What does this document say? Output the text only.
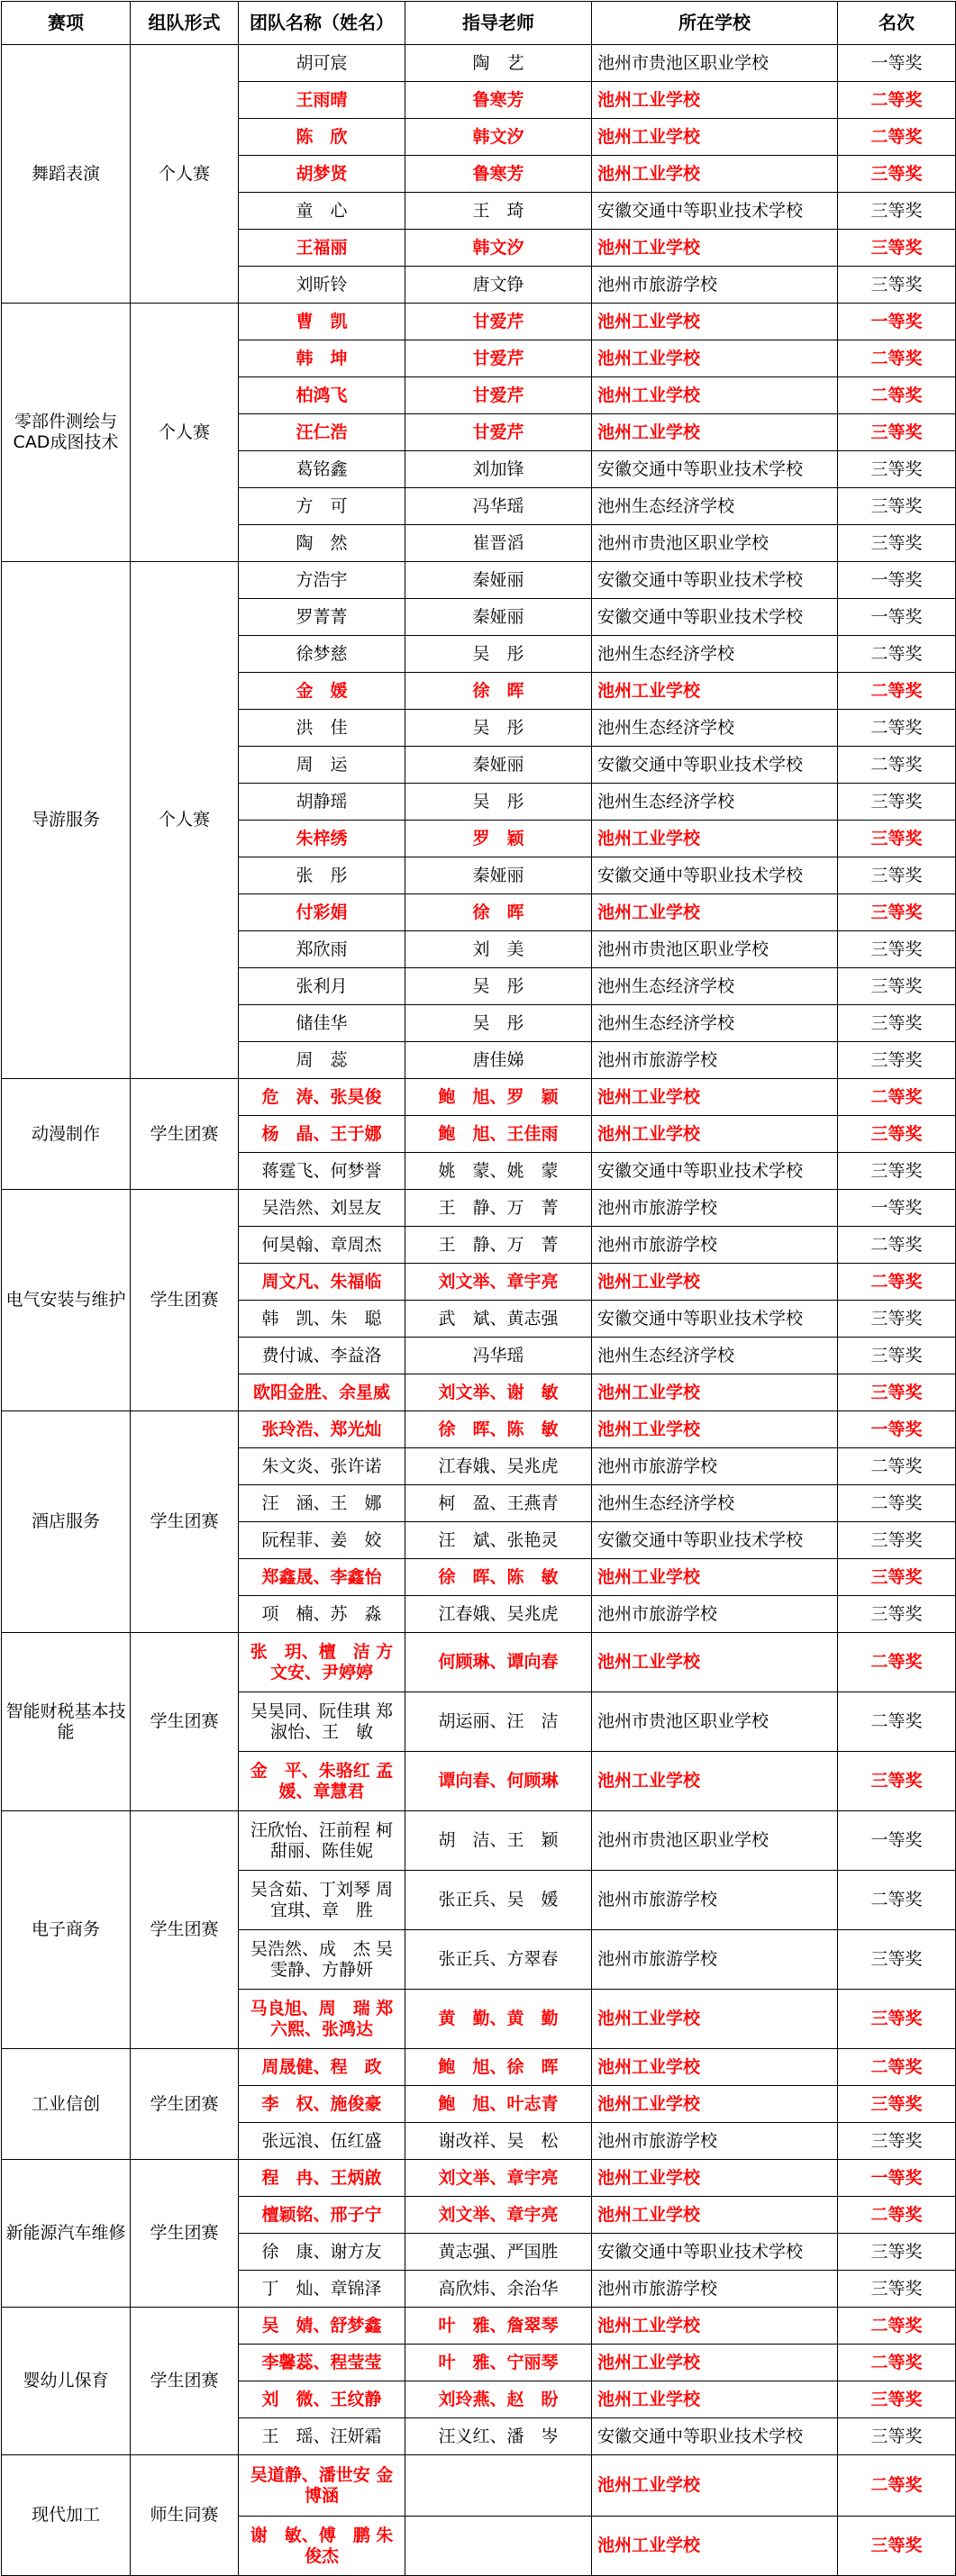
赛项	组队形式	团队名称（姓名）	指导老师	所在学校	名次
舞蹈表演	个人赛	胡可宸	陶　艺	池州市贵池区职业学校	一等奖
		王雨晴	鲁寒芳	池州工业学校	二等奖
		陈　欣	韩文汐	池州工业学校	二等奖
		胡梦贤	鲁寒芳	池州工业学校	三等奖
		童　心	王　琦	安徽交通中等职业技术学校	三等奖
		王福丽	韩文汐	池州工业学校	三等奖
		刘昕铃	唐文铮	池州市旅游学校	三等奖
零部件测绘与CAD成图技术	个人赛	曹　凯	甘爱芹	池州工业学校	一等奖
		韩　坤	甘爱芹	池州工业学校	二等奖
		柏鸿飞	甘爱芹	池州工业学校	二等奖
		汪仁浩	甘爱芹	池州工业学校	三等奖
		葛铭鑫	刘加锋	安徽交通中等职业技术学校	三等奖
		方　可	冯华瑶	池州生态经济学校	三等奖
		陶　然	崔晋滔	池州市贵池区职业学校	三等奖
导游服务	个人赛	方浩宇	秦娅丽	安徽交通中等职业技术学校	一等奖
		罗菁菁	秦娅丽	安徽交通中等职业技术学校	一等奖
		徐梦慈	吴　彤	池州生态经济学校	二等奖
		金　媛	徐　晖	池州工业学校	二等奖
		洪　佳	吴　彤	池州生态经济学校	二等奖
		周　运	秦娅丽	安徽交通中等职业技术学校	二等奖
		胡静瑶	吴　彤	池州生态经济学校	三等奖
		朱梓绣	罗　颖	池州工业学校	三等奖
		张　彤	秦娅丽	安徽交通中等职业技术学校	三等奖
		付彩娟	徐　晖	池州工业学校	三等奖
		郑欣雨	刘　美	池州市贵池区职业学校	三等奖
		张利月	吴　彤	池州生态经济学校	三等奖
		储佳华	吴　彤	池州生态经济学校	三等奖
		周　蕊	唐佳娣	池州市旅游学校	三等奖
动漫制作	学生团赛	危　涛、张昊俊	鲍　旭、罗　颖	池州工业学校	二等奖
		杨　晶、王于娜	鲍　旭、王佳雨	池州工业学校	三等奖
		蒋霆飞、何梦誉	姚　蒙、姚　蒙	安徽交通中等职业技术学校	三等奖
电气安装与维护	学生团赛	吴浩然、刘昱友	王　静、万　菁	池州市旅游学校	一等奖
		何昊翰、章周杰	王　静、万　菁	池州市旅游学校	二等奖
		周文凡、朱福临	刘文举、章宇亮	池州工业学校	二等奖
		韩　凯、朱　聪	武　斌、黄志强	安徽交通中等职业技术学校	三等奖
		费付诚、李益洛	冯华瑶	池州生态经济学校	三等奖
		欧阳金胜、余星威	刘文举、谢　敏	池州工业学校	三等奖
酒店服务	学生团赛	张玲浩、郑光灿	徐　晖、陈　敏	池州工业学校	一等奖
		朱文炎、张许诺	江春娥、吴兆虎	池州市旅游学校	二等奖
		汪　涵、王　娜	柯　盈、王燕青	池州生态经济学校	二等奖
		阮程菲、姜　姣	汪　斌、张艳灵	安徽交通中等职业技术学校	三等奖
		郑鑫晟、李鑫怡	徐　晖、陈　敏	池州工业学校	三等奖
		项　楠、苏　淼	江春娥、吴兆虎	池州市旅游学校	三等奖
智能财税基本技能	学生团赛	张　玥、檀　洁 方文安、尹婷婷	何顾琳、谭向春	池州工业学校	二等奖
		吴昊同、阮佳琪 郑淑怡、王　敏	胡运丽、汪　洁	池州市贵池区职业学校	二等奖
		金　平、朱骆红 孟　媛、章慧君	谭向春、何顾琳	池州工业学校	三等奖
电子商务	学生团赛	汪欣怡、汪前程 柯甜丽、陈佳妮	胡　洁、王　颖	池州市贵池区职业学校	一等奖
		吴含茹、丁刘琴 周宜琪、章　胜	张正兵、吴　媛	池州市旅游学校	二等奖
		吴浩然、成　杰 吴雯静、方静妍	张正兵、方翠春	池州市旅游学校	三等奖
		马良旭、周　瑞 郑六熙、张鸿达	黄　勤、黄　勤	池州工业学校	三等奖
工业信创	学生团赛	周晟健、程　政	鲍　旭、徐　晖	池州工业学校	二等奖
		李　权、施俊豪	鲍　旭、叶志青	池州工业学校	三等奖
		张远浪、伍红盛	谢改祥、吴　松	池州市旅游学校	三等奖
新能源汽车维修	学生团赛	程　冉、王炳啟	刘文举、章宇亮	池州工业学校	一等奖
		檀颖铭、邢子宁	刘文举、章宇亮	池州工业学校	二等奖
		徐　康、谢方友	黄志强、严国胜	安徽交通中等职业技术学校	三等奖
		丁　灿、章锦泽	高欣炜、余治华	池州市旅游学校	三等奖
婴幼儿保育	学生团赛	吴　婧、舒梦鑫	叶　雅、詹翠琴	池州工业学校	二等奖
		李馨蕊、程莹莹	叶　雅、宁丽琴	池州工业学校	二等奖
		刘　微、王纹静	刘玲燕、赵　盼	池州工业学校	三等奖
		王　瑶、汪妍霜	汪义红、潘　岑	安徽交通中等职业技术学校	三等奖
现代加工	师生同赛	吴道静、潘世安 金博涵		池州工业学校	二等奖
		谢　敏、傅　鹏 朱俊杰		池州工业学校	三等奖
